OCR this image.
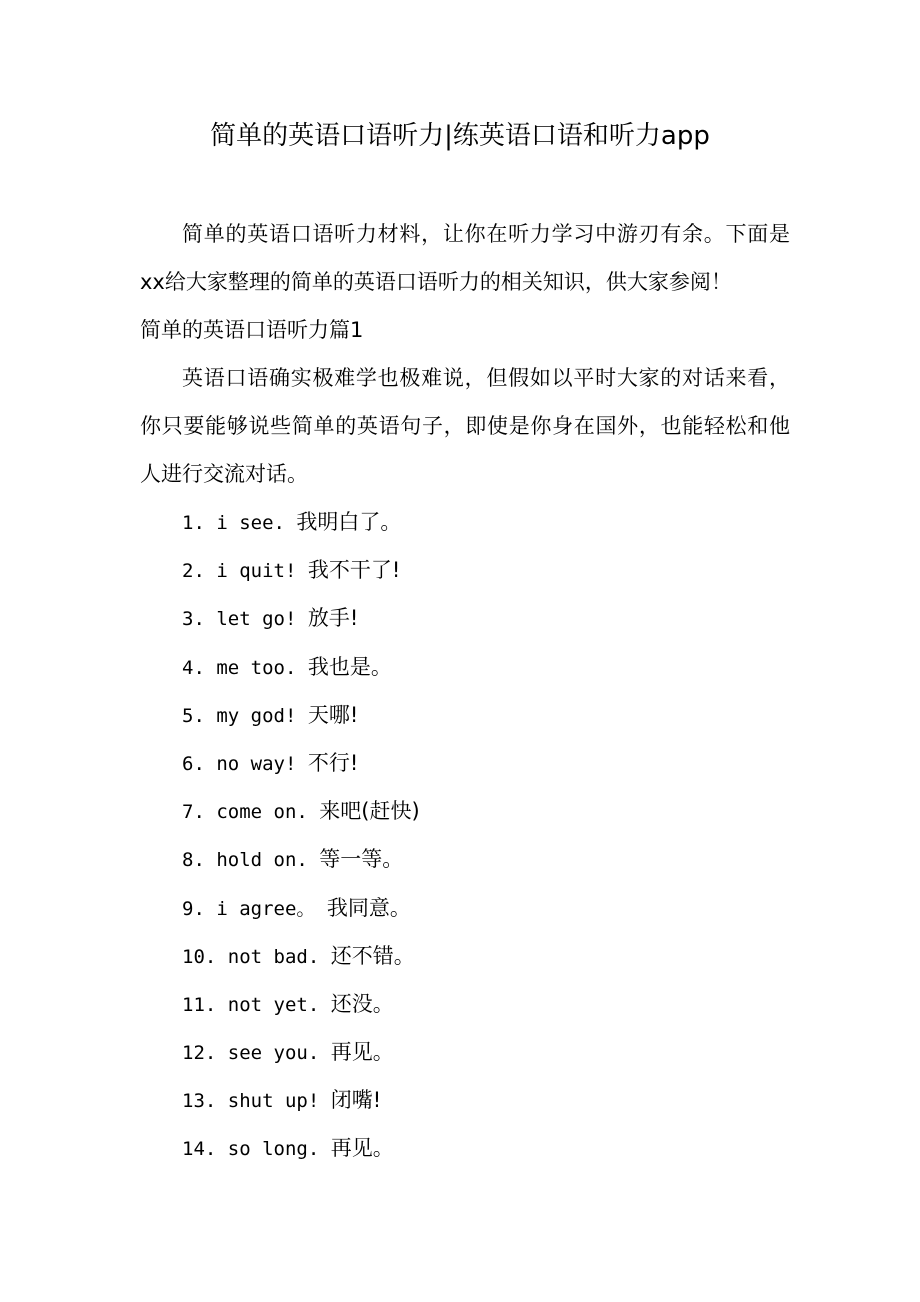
简单的英语口语听力|练英语口语和听力app
简单的英语口语听力材料，让你在听力学习中游刃有余。下面是xx给大家整理的简单的英语口语听力的相关知识，供大家参阅！
简单的英语口语听力篇1
英语口语确实极难学也极难说，但假如以平时大家的对话来看，你只要能够说些简单的英语句子，即使是你身在国外，也能轻松和他人进行交流对话。
1. i see. 我明白了。
2. i quit! 我不干了!
3. let go! 放手!
4. me too. 我也是。
5. my god! 天哪!
6. no way! 不行!
7. come on. 来吧(赶快)
8. hold on. 等一等。
9. i agree。 我同意。
10. not bad. 还不错。
11. not yet. 还没。
12. see you. 再见。
13. shut up! 闭嘴!
14. so long. 再见。
